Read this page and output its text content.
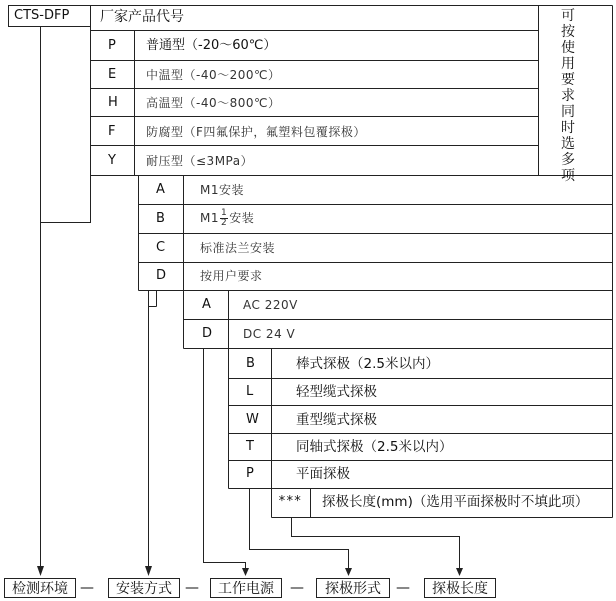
CTS-DFP 厂家产品代号	可按使用要求同时选多项
P 普通型（-20～60℃）
E 中温型（-40～200℃）
H 高温型（-40～800℃）
F	防腐型（F四氟保护，氟塑料包覆探极）
Y	耐压型（≤3MPa）
A	M1安装
B	$M1 \frac{1}{2}$ 安装
C	标准法兰安装
D	按用户要求
A	AC 220V
D	DC 24 V
B	棒式探极（2.5米以内）
L	轻型缆式探极
W	重型缆式探极
T	同轴式探极（2.5米以内）
P	平面探极
*** 探极长度(mm)（选用平面探极时不填此项）
检测环境 —	安装方式 —	工作电源	—	探极形式	—	探极长度
